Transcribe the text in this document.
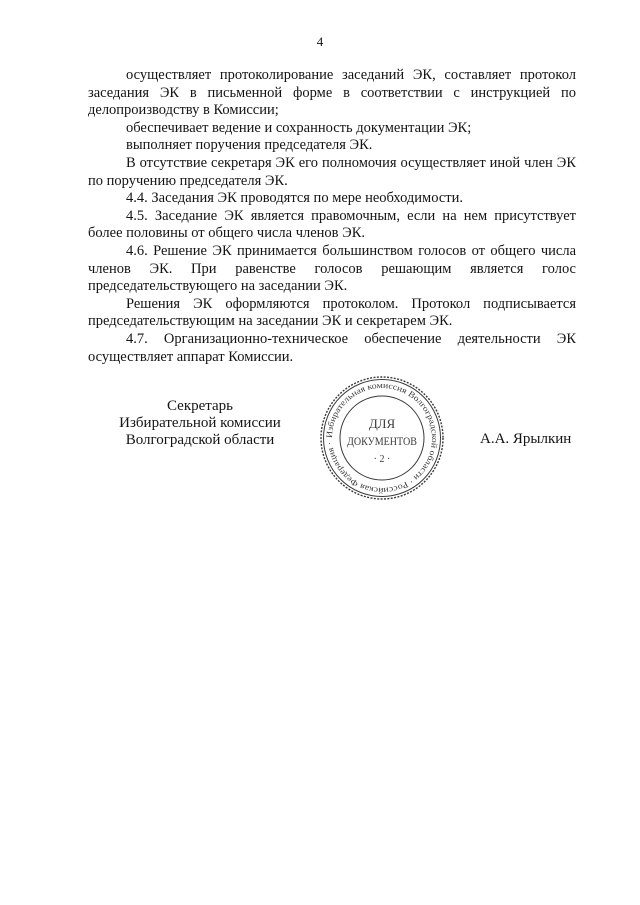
4

осуществляет протоколирование заседаний ЭК, составляет протокол заседания ЭК в письменной форме в соответствии с инструкцией по делопроизводству в Комиссии;

обеспечивает ведение и сохранность документации ЭК;

выполняет поручения председателя ЭК.

В отсутствие секретаря ЭК его полномочия осуществляет иной член ЭК по поручению председателя ЭК.

4.4. Заседания ЭК проводятся по мере необходимости.

4.5. Заседание ЭК является правомочным, если на нем присутствует более половины от общего числа членов ЭК.

4.6. Решение ЭК принимается большинством голосов от общего числа членов ЭК. При равенстве голосов решающим является голос председательствующего на заседании ЭК.

Решения ЭК оформляются протоколом. Протокол подписывается председательствующим на заседании ЭК и секретарем ЭК.

4.7. Организационно-техническое обеспечение деятельности ЭК осуществляет аппарат Комиссии.

Секретарь
Избирательной комиссии
Волгоградской области	Избирательная комиссия Волгоградской области · Российская Федерация ·
ДЛЯ
ДОКУМЕНТОВ
· 2 ·
А.А. Ярылкин
